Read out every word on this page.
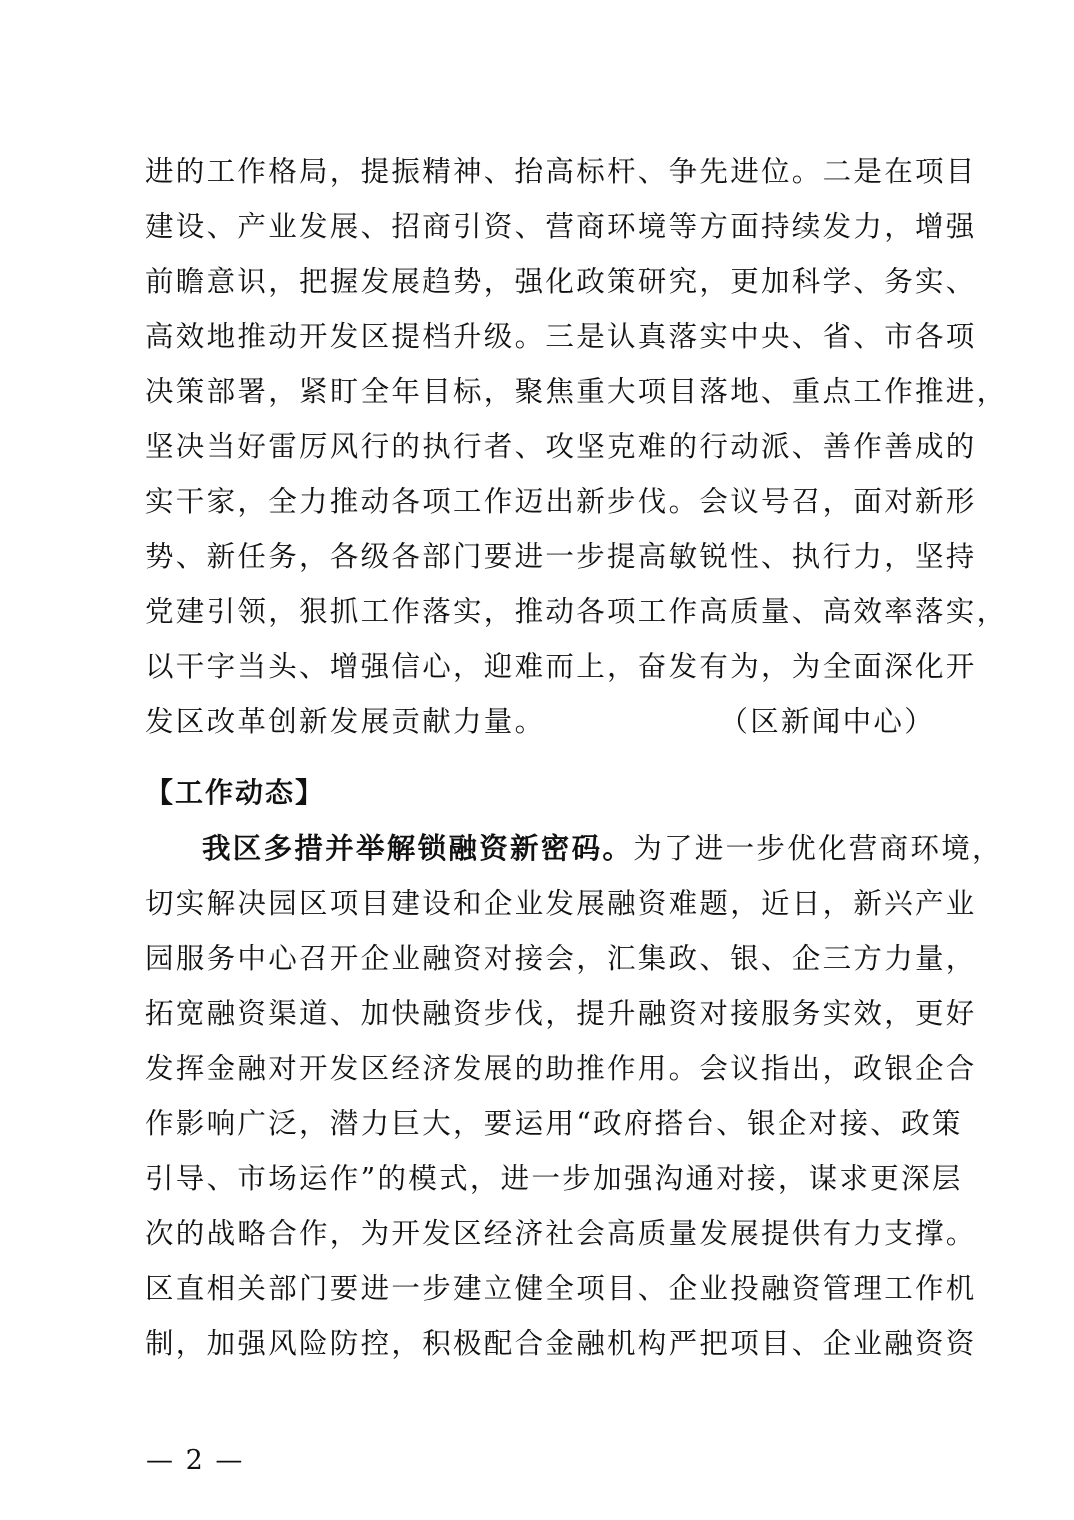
进的工作格局，提振精神、抬高标杆、争先进位。二是在项目
建设、产业发展、招商引资、营商环境等方面持续发力，增强
前瞻意识，把握发展趋势，强化政策研究，更加科学、务实、
高效地推动开发区提档升级。三是认真落实中央、省、市各项
决策部署，紧盯全年目标，聚焦重大项目落地、重点工作推进，
坚决当好雷厉风行的执行者、攻坚克难的行动派、善作善成的
实干家，全力推动各项工作迈出新步伐。会议号召，面对新形
势、新任务，各级各部门要进一步提高敏锐性、执行力，坚持
党建引领，狠抓工作落实，推动各项工作高质量、高效率落实，
以干字当头、增强信心，迎难而上，奋发有为，为全面深化开
发区改革创新发展贡献力量。	（区新闻中心）
【工作动态】
我区多措并举解锁融资新密码。为了进一步优化营商环境，
切实解决园区项目建设和企业发展融资难题，近日，新兴产业
园服务中心召开企业融资对接会，汇集政、银、企三方力量，
拓宽融资渠道、加快融资步伐，提升融资对接服务实效，更好
发挥金融对开发区经济发展的助推作用。会议指出，政银企合
作影响广泛，潜力巨大，要运用“政府搭台、银企对接、政策
引导、市场运作”的模式，进一步加强沟通对接，谋求更深层
次的战略合作，为开发区经济社会高质量发展提供有力支撑。
区直相关部门要进一步建立健全项目、企业投融资管理工作机
制，加强风险防控，积极配合金融机构严把项目、企业融资资
— 2 —
